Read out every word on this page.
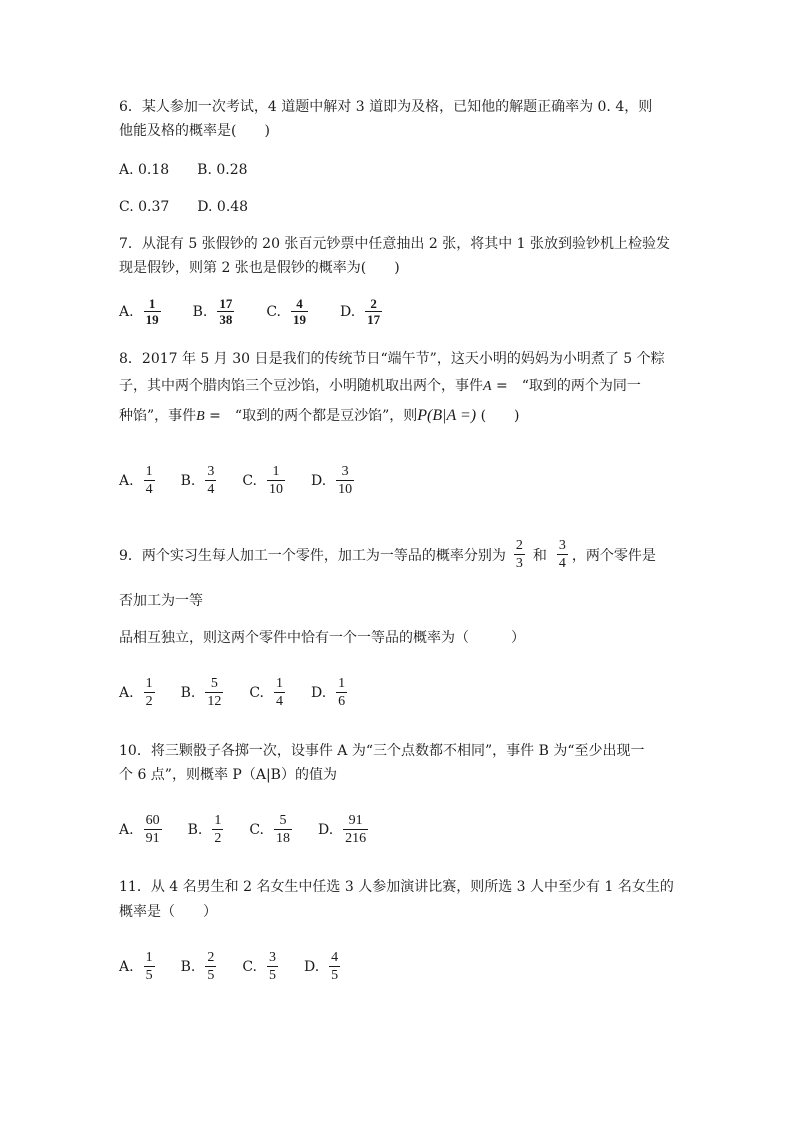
6．某人参加一次考试，4 道题中解对 3 道即为及格，已知他的解题正确率为 0. 4，则
他能及格的概率是(　　)
A. 0.18　　B. 0.28
C. 0.37　　D. 0.48
7．从混有 5 张假钞的 20 张百元钞票中任意抽出 2 张，将其中 1 张放到验钞机上检验发
现是假钞，则第 2 张也是假钞的概率为(　　)
A. $\frac{1}{19} B$. $\frac{17}{38} C$. $\frac{4}{19} D$. $\frac{2}{17}$
8．2017 年 5 月 30 日是我们的传统节日“端午节”，这天小明的妈妈为小明煮了 5 个粽
子，其中两个腊肉馅三个豆沙馅，小明随机取出两个，事件A =　“取到的两个为同一
种馅”，事件B =　“取到的两个都是豆沙馅”，则P(B|A =) (　　)
A. $\frac{1}{4} B$. $\frac{3}{4} C$. $\frac{1}{10} D$. $\frac{3}{10}$
9．两个实习生每人加工一个零件，加工为一等品的概率分别为 $\frac{2}{3}$ 和 $\frac{3}{4}$ ，两个零件是
否加工为一等
品相互独立，则这两个零件中恰有一个一等品的概率为（　　　）
A. $\frac{1}{2} B$. $\frac{5}{12} C$. $\frac{1}{4} D$. $\frac{1}{6}$
10．将三颗骰子各掷一次，设事件 A 为“三个点数都不相同”，事件 B 为“至少出现一
个 6 点”，则概率 P（A|B）的值为
A. $\frac{60}{91} B$. $\frac{1}{2} C$. $\frac{5}{18} D$. $\frac{91}{216}$
11．从 4 名男生和 2 名女生中任选 3 人参加演讲比赛，则所选 3 人中至少有 1 名女生的
概率是（　　）
A. $\frac{1}{5} B$. $\frac{2}{5} C$. $\frac{3}{5} D$. $\frac{4}{5}$
